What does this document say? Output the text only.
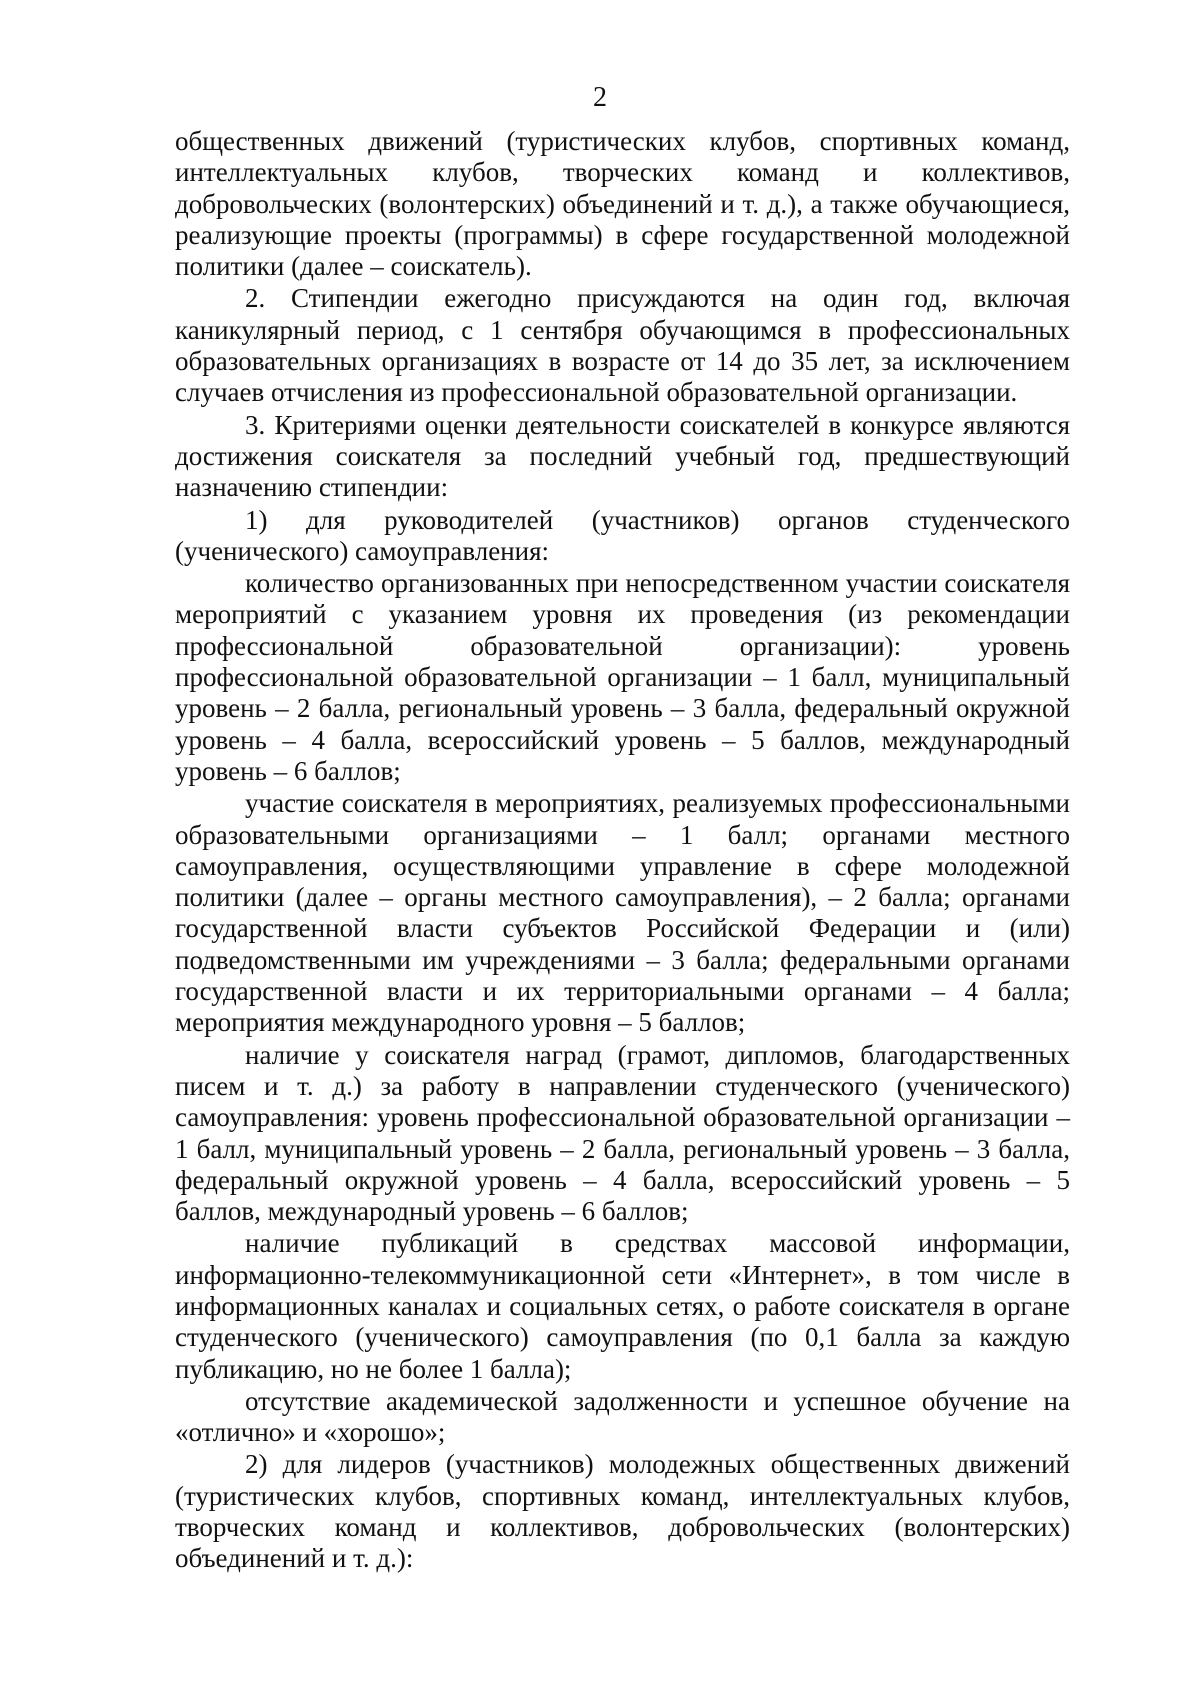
2

общественных движений (туристических клубов, спортивных команд, интеллектуальных клубов, творческих команд и коллективов, добровольческих (волонтерских) объединений и т. д.), а также обучающиеся, реализующие проекты (программы) в сфере государственной молодежной политики (далее – соискатель).

2. Стипендии ежегодно присуждаются на один год, включая каникулярный период, с 1 сентября обучающимся в профессиональных образовательных организациях в возрасте от 14 до 35 лет, за исключением случаев отчисления из профессиональной образовательной организации.

3. Критериями оценки деятельности соискателей в конкурсе являются достижения соискателя за последний учебный год, предшествующий назначению стипендии:

1) для руководителей (участников) органов студенческого (ученического) самоуправления:

количество организованных при непосредственном участии соискателя мероприятий с указанием уровня их проведения (из рекомендации профессиональной образовательной организации): уровень профессиональной образовательной организации – 1 балл, муниципальный уровень – 2 балла, региональный уровень – 3 балла, федеральный окружной уровень – 4 балла, всероссийский уровень – 5 баллов, международный уровень – 6 баллов;

участие соискателя в мероприятиях, реализуемых профессиональными образовательными организациями – 1 балл; органами местного самоуправления, осуществляющими управление в сфере молодежной политики (далее – органы местного самоуправления), – 2 балла; органами государственной власти субъектов Российской Федерации и (или) подведомственными им учреждениями – 3 балла; федеральными органами государственной власти и их территориальными органами – 4 балла; мероприятия международного уровня – 5 баллов;

наличие у соискателя наград (грамот, дипломов, благодарственных писем и т. д.) за работу в направлении студенческого (ученического) самоуправления: уровень профессиональной образовательной организации – 1 балл, муниципальный уровень – 2 балла, региональный уровень – 3 балла, федеральный окружной уровень – 4 балла, всероссийский уровень – 5 баллов, международный уровень – 6 баллов;

наличие публикаций в средствах массовой информации, информационно-телекоммуникационной сети «Интернет», в том числе в информационных каналах и социальных сетях, о работе соискателя в органе студенческого (ученического) самоуправления (по 0,1 балла за каждую публикацию, но не более 1 балла);

отсутствие академической задолженности и успешное обучение на «отлично» и «хорошо»;

2) для лидеров (участников) молодежных общественных движений (туристических клубов, спортивных команд, интеллектуальных клубов, творческих команд и коллективов, добровольческих (волонтерских) объединений и т. д.):
